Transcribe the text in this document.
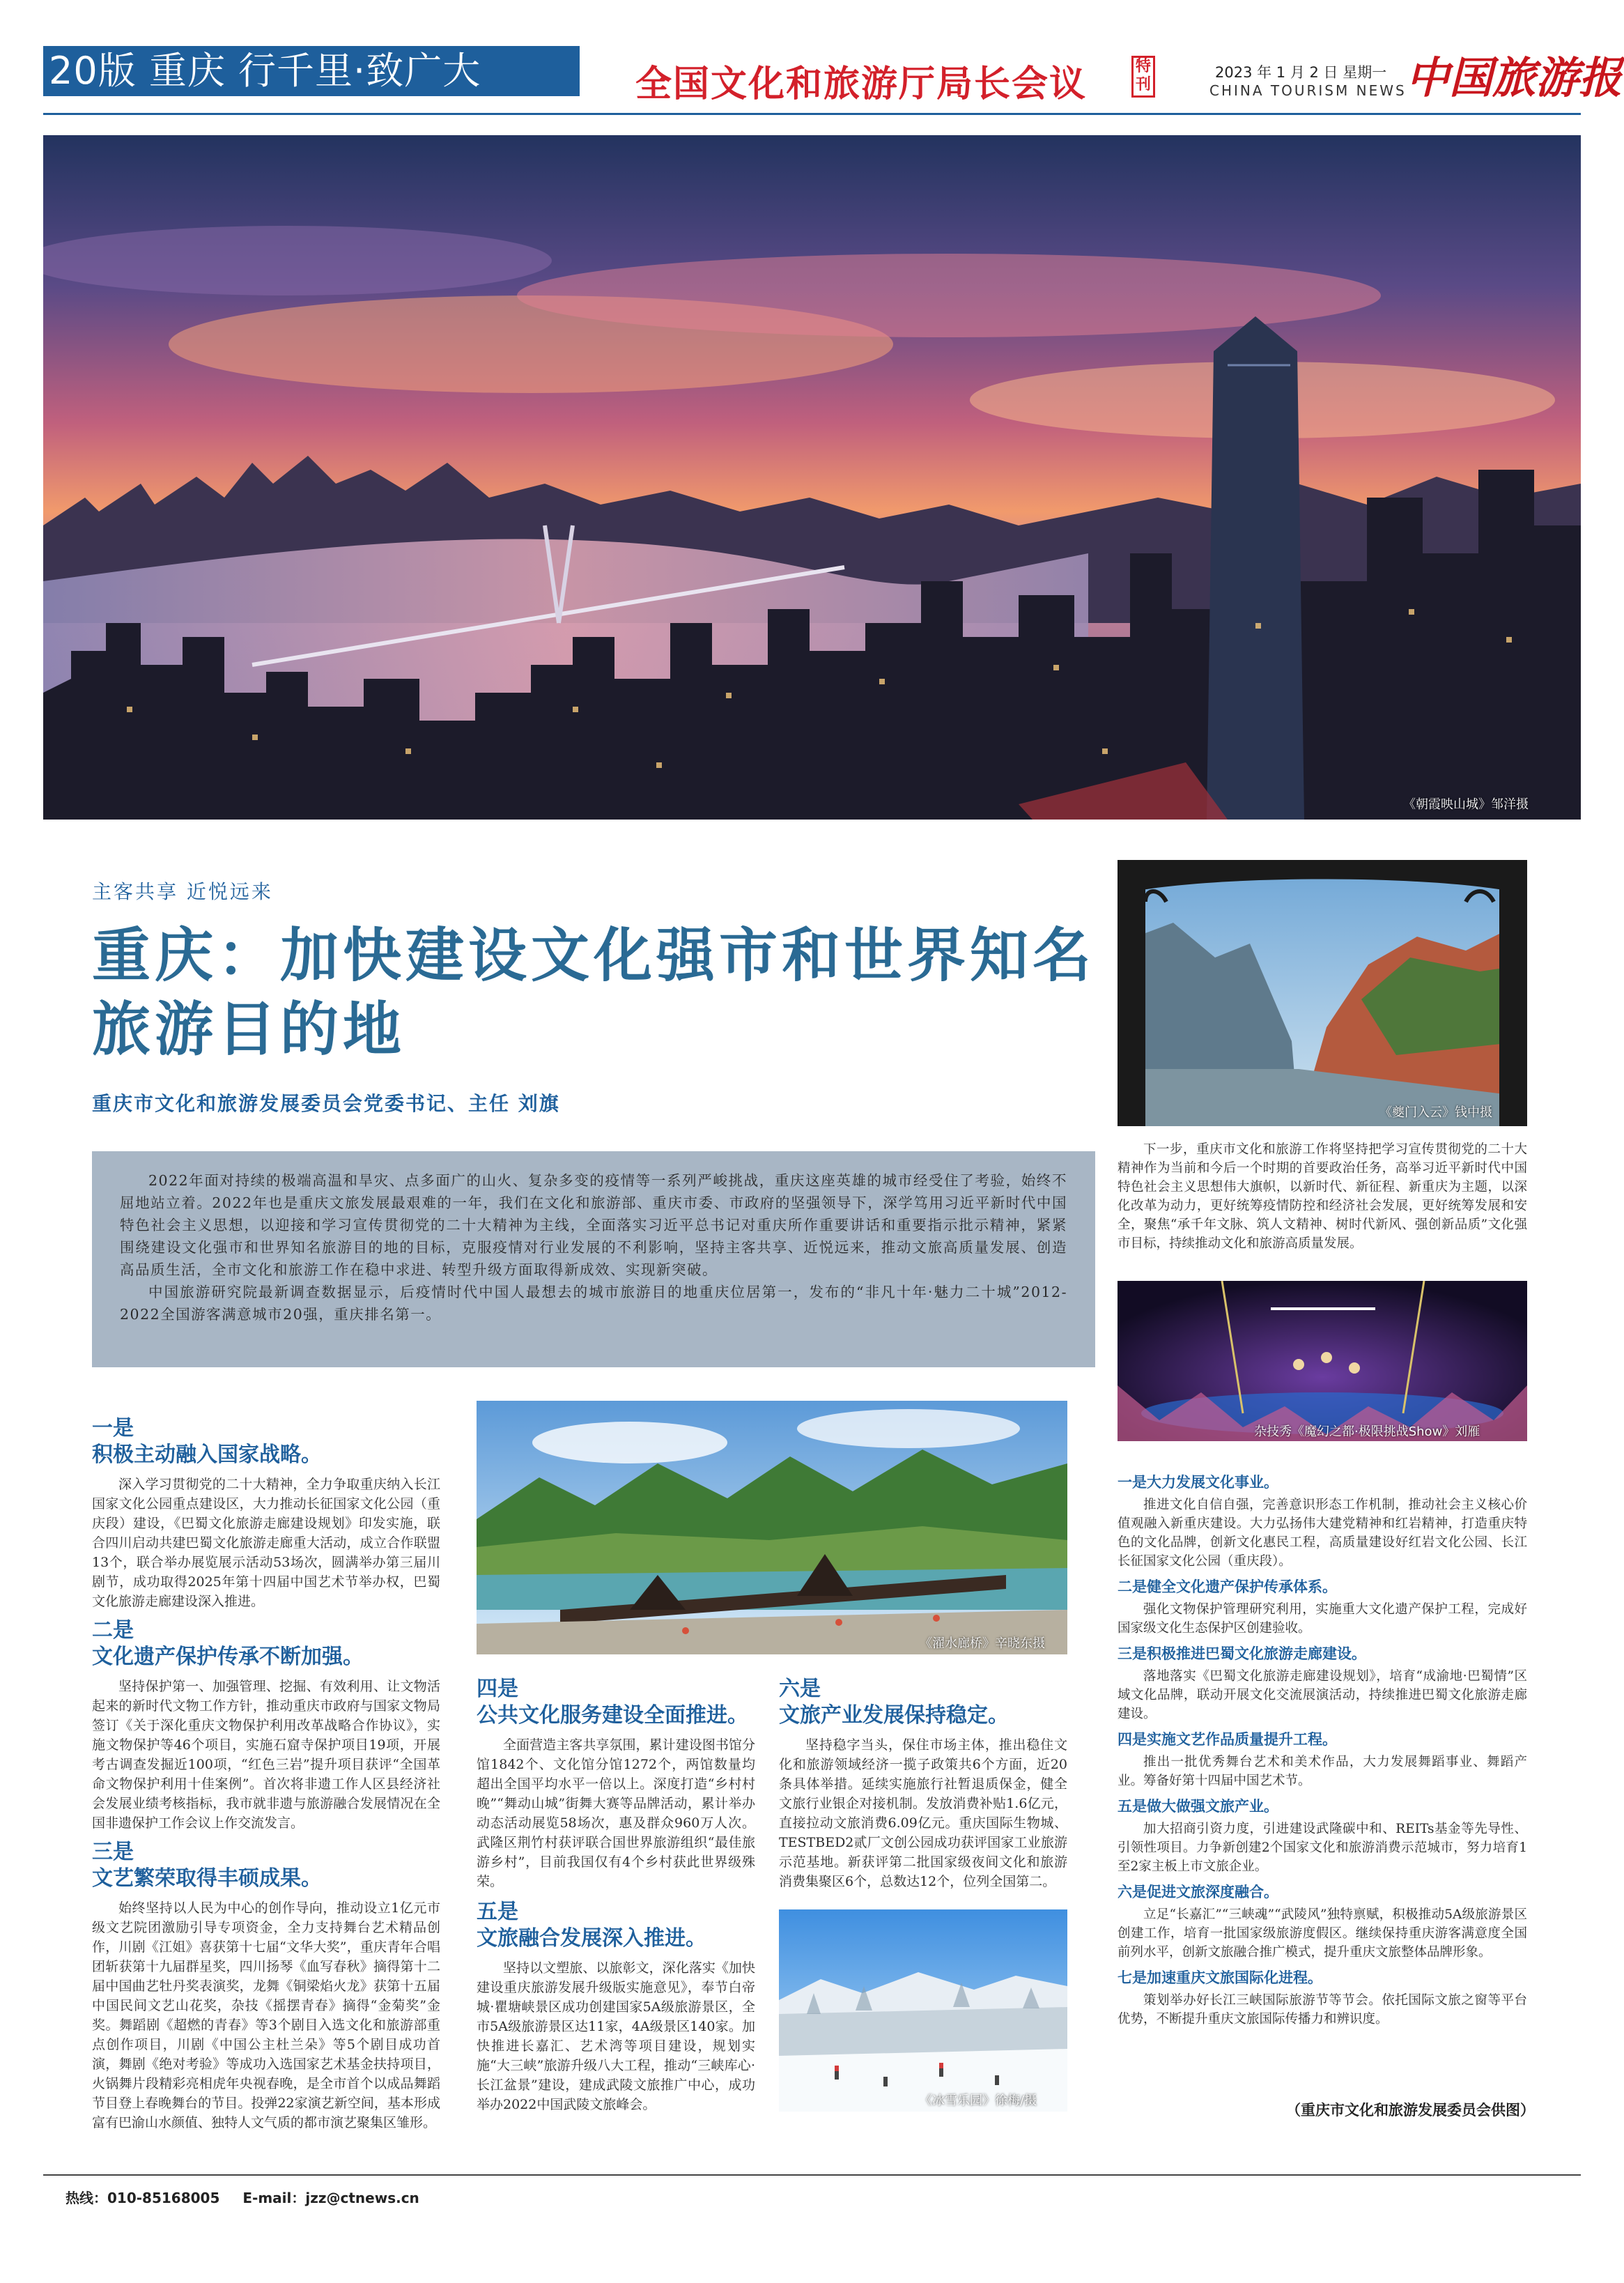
20版 重庆 行千里·致广大	全国文化和旅游厅局长会议	特刊
2023 年 1 月 2 日 星期一
CHINA TOURISM NEWS 中国旅游报
《朝霞映山城》邹洋摄
主客共享 近悦远来
重庆：加快建设文化强市和世界知名旅游目的地
重庆市文化和旅游发展委员会党委书记、主任 刘旗

2022年面对持续的极端高温和旱灾、点多面广的山火、复杂多变的疫情等一系列严峻挑战，重庆这座英雄的城市经受住了考验，始终不屈地站立着。2022年也是重庆文旅发展最艰难的一年，我们在文化和旅游部、重庆市委、市政府的坚强领导下，深学笃用习近平新时代中国特色社会主义思想，以迎接和学习宣传贯彻党的二十大精神为主线，全面落实习近平总书记对重庆所作重要讲话和重要指示批示精神，紧紧围绕建设文化强市和世界知名旅游目的地的目标，克服疫情对行业发展的不利影响，坚持主客共享、近悦远来，推动文旅高质量发展、创造高品质生活，全市文化和旅游工作在稳中求进、转型升级方面取得新成效、实现新突破。

中国旅游研究院最新调查数据显示，后疫情时代中国人最想去的城市旅游目的地重庆位居第一，发布的“非凡十年·魅力二十城”2012-2022全国游客满意城市20强，重庆排名第一。

《夔门入云》钱中摄

下一步，重庆市文化和旅游工作将坚持把学习宣传贯彻党的二十大精神作为当前和今后一个时期的首要政治任务，高举习近平新时代中国特色社会主义思想伟大旗帜，以新时代、新征程、新重庆为主题，以深化改革为动力，更好统筹疫情防控和经济社会发展，更好统筹发展和安全，聚焦“承千年文脉、筑人文精神、树时代新风、强创新品质”文化强市目标，持续推动文化和旅游高质量发展。

杂技秀《魔幻之都·极限挑战Show》刘雁
一是大力发展文化事业。

推进文化自信自强，完善意识形态工作机制，推动社会主义核心价值观融入新重庆建设。大力弘扬伟大建党精神和红岩精神，打造重庆特色的文化品牌，创新文化惠民工程，高质量建设好红岩文化公园、长江长征国家文化公园（重庆段）。

二是健全文化遗产保护传承体系。

强化文物保护管理研究利用，实施重大文化遗产保护工程，完成好国家级文化生态保护区创建验收。

三是积极推进巴蜀文化旅游走廊建设。

落地落实《巴蜀文化旅游走廊建设规划》，培育“成渝地·巴蜀情”区域文化品牌，联动开展文化交流展演活动，持续推进巴蜀文化旅游走廊建设。

四是实施文艺作品质量提升工程。

推出一批优秀舞台艺术和美术作品，大力发展舞蹈事业、舞蹈产业。筹备好第十四届中国艺术节。

五是做大做强文旅产业。

加大招商引资力度，引进建设武隆碳中和、REITs基金等先导性、引领性项目。力争新创建2个国家文化和旅游消费示范城市，努力培育1至2家主板上市文旅企业。

六是促进文旅深度融合。

立足“长嘉汇”“三峡魂”“武陵风”独特禀赋，积极推动5A级旅游景区创建工作，培育一批国家级旅游度假区。继续保持重庆游客满意度全国前列水平，创新文旅融合推广模式，提升重庆文旅整体品牌形象。

七是加速重庆文旅国际化进程。

策划举办好长江三峡国际旅游节等节会。依托国际文旅之窗等平台优势，不断提升重庆文旅国际传播力和辨识度。

（重庆市文化和旅游发展委员会供图）
一是
积极主动融入国家战略。

深入学习贯彻党的二十大精神，全力争取重庆纳入长江国家文化公园重点建设区，大力推动长征国家文化公园（重庆段）建设，《巴蜀文化旅游走廊建设规划》印发实施，联合四川启动共建巴蜀文化旅游走廊重大活动，成立合作联盟13个，联合举办展览展示活动53场次，圆满举办第三届川剧节，成功取得2025年第十四届中国艺术节举办权，巴蜀文化旅游走廊建设深入推进。

二是
文化遗产保护传承不断加强。

坚持保护第一、加强管理、挖掘、有效利用、让文物活起来的新时代文物工作方针，推动重庆市政府与国家文物局签订《关于深化重庆文物保护利用改革战略合作协议》，实施文物保护等46个项目，实施石窟寺保护项目19项，开展考古调查发掘近100项，“红色三岩”提升项目获评“全国革命文物保护利用十佳案例”。首次将非遗工作人区县经济社会发展业绩考核指标，我市就非遗与旅游融合发展情况在全国非遗保护工作会议上作交流发言。

三是
文艺繁荣取得丰硕成果。

始终坚持以人民为中心的创作导向，推动设立1亿元市级文艺院团激励引导专项资金，全力支持舞台艺术精品创作，川剧《江姐》喜获第十七届“文华大奖”，重庆青年合唱团斩获第十九届群星奖，四川扬琴《血写春秋》摘得第十二届中国曲艺牡丹奖表演奖，龙舞《铜梁焰火龙》获第十五届中国民间文艺山花奖，杂技《摇摆青春》摘得“金菊奖”金奖。舞蹈剧《超燃的青春》等3个剧目入选文化和旅游部重点创作项目，川剧《中国公主杜兰朵》等5个剧目成功首演，舞剧《绝对考验》等成功入选国家艺术基金扶持项目，火锅舞片段精彩亮相虎年央视春晚，是全市首个以成品舞蹈节目登上春晚舞台的节目。投弹22家演艺新空间，基本形成富有巴渝山水颜值、独特人文气质的都市演艺聚集区雏形。

《濯水廊桥》辛晓东摄
四是
公共文化服务建设全面推进。

全面营造主客共享氛围，累计建设图书馆分馆1842个、文化馆分馆1272个，两馆数量均超出全国平均水平一倍以上。深度打造“乡村村晚”“舞动山城”街舞大赛等品牌活动，累计举办动态活动展览58场次，惠及群众960万人次。武隆区荆竹村获评联合国世界旅游组织“最佳旅游乡村”，目前我国仅有4个乡村获此世界级殊荣。

五是
文旅融合发展深入推进。

坚持以文塑旅、以旅彰文，深化落实《加快建设重庆旅游发展升级版实施意见》，奉节白帝城·瞿塘峡景区成功创建国家5A级旅游景区，全市5A级旅游景区达11家，4A级景区140家。加快推进长嘉汇、艺术湾等项目建设，规划实施“大三峡”旅游升级八大工程，推动“三峡库心·长江盆景”建设，建成武陵文旅推广中心，成功举办2022中国武陵文旅峰会。

六是
文旅产业发展保持稳定。

坚持稳字当头，保住市场主体，推出稳住文化和旅游领域经济一揽子政策共6个方面，近20条具体举措。延续实施旅行社暂退质保金，健全文旅行业银企对接机制。发放消费补贴1.6亿元，直接拉动文旅消费6.09亿元。重庆国际生物城、TESTBED2贰厂文创公园成功获评国家工业旅游示范基地。新获评第二批国家级夜间文化和旅游消费集聚区6个，总数达12个，位列全国第二。

《冰雪乐园》徐梅/摄
热线：010-85168005 E-mail：jzz@ctnews.cn
